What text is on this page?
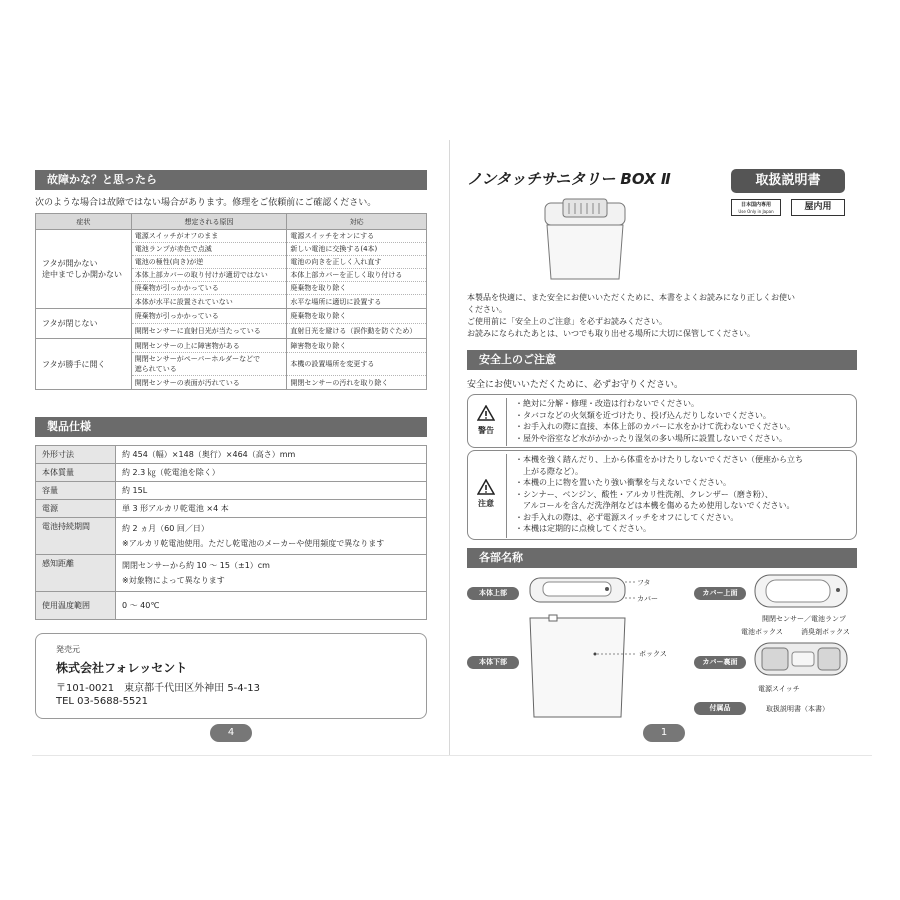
故障かな？と思ったら
次のような場合は故障ではない場合があります。修理をご依頼前にご確認ください。
症状	想定される原因	対応

フタが開かない
途中までしか開かない	電源スイッチがオフのまま	電源スイッチをオンにする
	電池ランプが赤色で点滅	新しい電池に交換する(4本)
	電池の極性(向き)が逆	電池の向きを正しく入れ直す
	本体上部カバーの取り付けが適切ではない	本体上部カバーを正しく取り付ける
	廃棄物が引っかかっている	廃棄物を取り除く
	本体が水平に設置されていない	水平な場所に適切に設置する

フタが閉じない	廃棄物が引っかかっている	廃棄物を取り除く
	開閉センサーに直射日光が当たっている	直射日光を避ける（誤作動を防ぐため）

フタが勝手に開く	開閉センサーの上に障害物がある	障害物を取り除く
	開閉センサーがペーパーホルダーなどで
遮られている	本機の設置場所を変更する
	開閉センサーの表面が汚れている	開閉センサーの汚れを取り除く
製品仕様
外形寸法	約 454（幅）×148（奥行）×464（高さ）mm
本体質量	約 2.3 ㎏（乾電池を除く）
容量	約 15L
電源	単 3 形アルカリ乾電池 ×4 本
電池持続期間	約 2 ヵ月（60 回／日）
※アルカリ乾電池使用。ただし乾電池のメーカーや使用頻度で異なります
感知距離	開閉センサーから約 10 ～ 15（±1）cm
※対象物によって異なります
使用温度範囲	0 ～ 40℃
発売元
株式会社フォレッセント
〒101-0021　東京都千代田区外神田 5-4-13
TEL 03-5688-5521
4
ノンタッチサニタリー BOX Ⅱ	取扱説明書
日本国内専用
Use Only in Japan	屋内用
本製品を快適に、また安全にお使いいただくために、本書をよくお読みになり正しくお使い
ください。
ご使用前に「安全上のご注意」を必ずお読みください。
お読みになられたあとは、いつでも取り出せる場所に大切に保管してください。
安全上のご注意
安全にお使いいただくために、必ずお守りください。
警告
・絶対に分解・修理・改造は行わないでください。
・タバコなどの火気類を近づけたり、投げ込んだりしないでください。
・お手入れの際に直接、本体上部のカバーに水をかけて洗わないでください。
・屋外や浴室など水がかかったり湿気の多い場所に設置しないでください。
注意
・本機を強く踏んだり、上から体重をかけたりしないでください（便座から立ち
　上がる際など）。
・本機の上に物を置いたり強い衝撃を与えないでください。
・シンナー、ベンジン、酸性・アルカリ性洗剤、クレンザー（磨き粉）、
　アルコールを含んだ洗浄剤などは本機を傷めるため使用しないでください。
・お手入れの際は、必ず電源スイッチをオフにしてください。
・本機は定期的に点検してください。
各部名称
本体上部
フタ
カバー
本体下部
ボックス
カバー上面
開閉センサー／電池ランプ
電池ボックス	消臭剤ボックス
カバー裏面
電源スイッチ
付属品	取扱説明書（本書）
1
